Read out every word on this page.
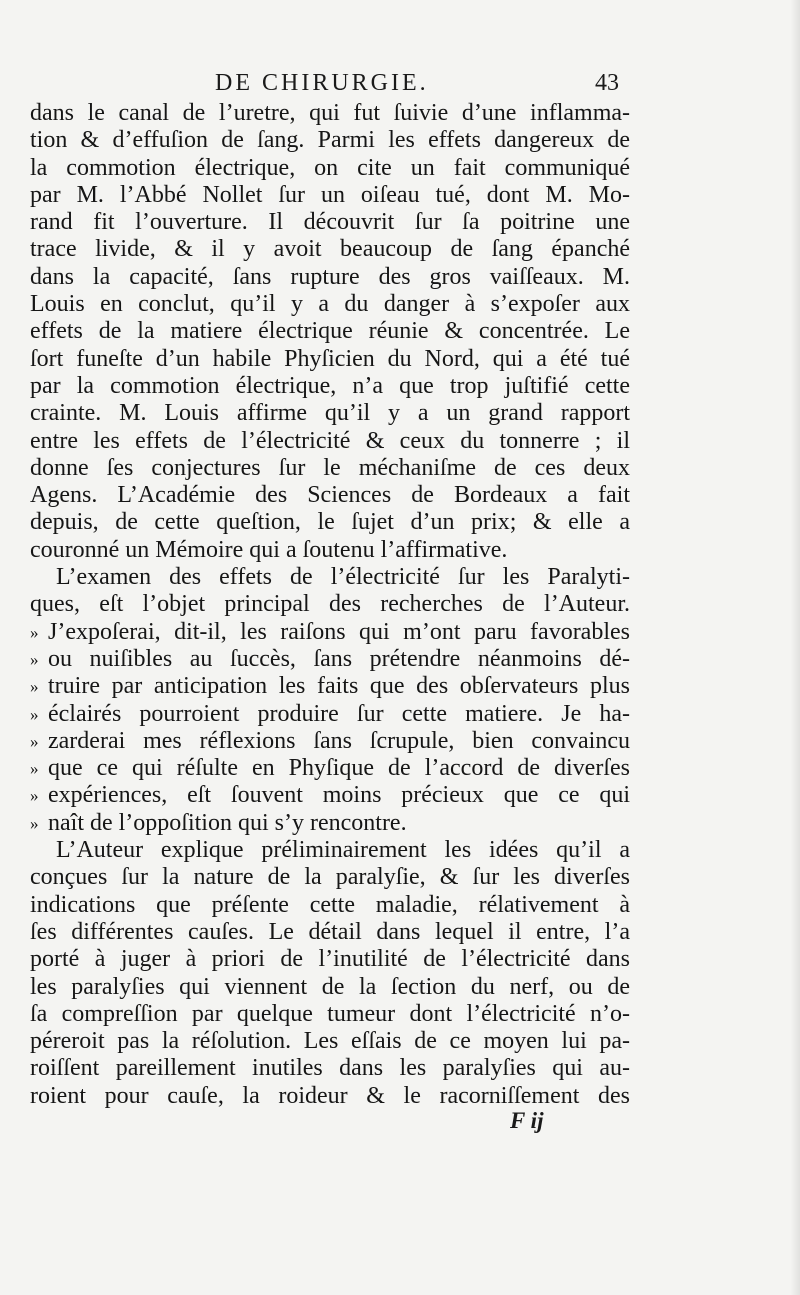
DE CHIRURGIE.	43
dans le canal de l’uretre, qui fut ſuivie d’une inflamma-
tion & d’effuſion de ſang. Parmi les effets dangereux de
la commotion électrique, on cite un fait communiqué
par M. l’Abbé Nollet ſur un oiſeau tué, dont M. Mo-
rand fit l’ouverture. Il découvrit ſur ſa poitrine une
trace livide, & il y avoit beaucoup de ſang épanché
dans la capacité, ſans rupture des gros vaiſſeaux. M.
Louis en conclut, qu’il y a du danger à s’expoſer aux
effets de la matiere électrique réunie & concentrée. Le
ſort funeſte d’un habile Phyſicien du Nord, qui a été tué
par la commotion électrique, n’a que trop juſtifié cette
crainte. M. Louis affirme qu’il y a un grand rapport
entre les effets de l’électricité & ceux du tonnerre ; il
donne ſes conjectures ſur le méchaniſme de ces deux
Agens. L’Académie des Sciences de Bordeaux a fait
depuis, de cette queſtion, le ſujet d’un prix; & elle a
couronné un Mémoire qui a ſoutenu l’affirmative.
L’examen des effets de l’électricité ſur les Paralyti-
ques, eſt l’objet principal des recherches de l’Auteur.
» J’expoſerai, dit-il, les raiſons qui m’ont paru favorables
» ou nuiſibles au ſuccès, ſans prétendre néanmoins dé-
» truire par anticipation les faits que des obſervateurs plus
» éclairés pourroient produire ſur cette matiere. Je ha-
» zarderai mes réflexions ſans ſcrupule, bien convaincu
» que ce qui réſulte en Phyſique de l’accord de diverſes
» expériences, eſt ſouvent moins précieux que ce qui
» naît de l’oppoſition qui s’y rencontre.
L’Auteur explique préliminairement les idées qu’il a
conçues ſur la nature de la paralyſie, & ſur les diverſes
indications que préſente cette maladie, rélativement à
ſes différentes cauſes. Le détail dans lequel il entre, l’a
porté à juger à priori de l’inutilité de l’électricité dans
les paralyſies qui viennent de la ſection du nerf, ou de
ſa compreſſion par quelque tumeur dont l’électricité n’o-
péreroit pas la réſolution. Les eſſais de ce moyen lui pa-
roiſſent pareillement inutiles dans les paralyſies qui au-
roient pour cauſe, la roideur & le racorniſſement des
F ij
